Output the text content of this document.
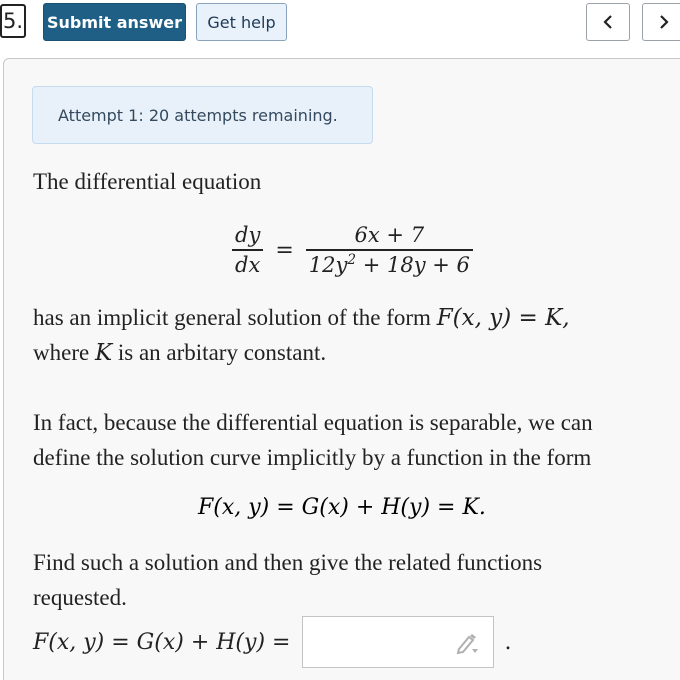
5. Submit answer	Get help
Attempt 1: 20 attempts remaining.
The differential equation
$\frac{dy}{dx} = \frac{6x + 7}{12y^2 + 18y + 6}$
has an implicit general solution of the form F(x, y) = K,
where K is an arbitary constant.
In fact, because the differential equation is separable, we can
define the solution curve implicitly by a function in the form
F(x, y) = G(x) + H(y) = K.
Find such a solution and then give the related functions
requested.
F(x, y) = G(x) + H(y) =	.
